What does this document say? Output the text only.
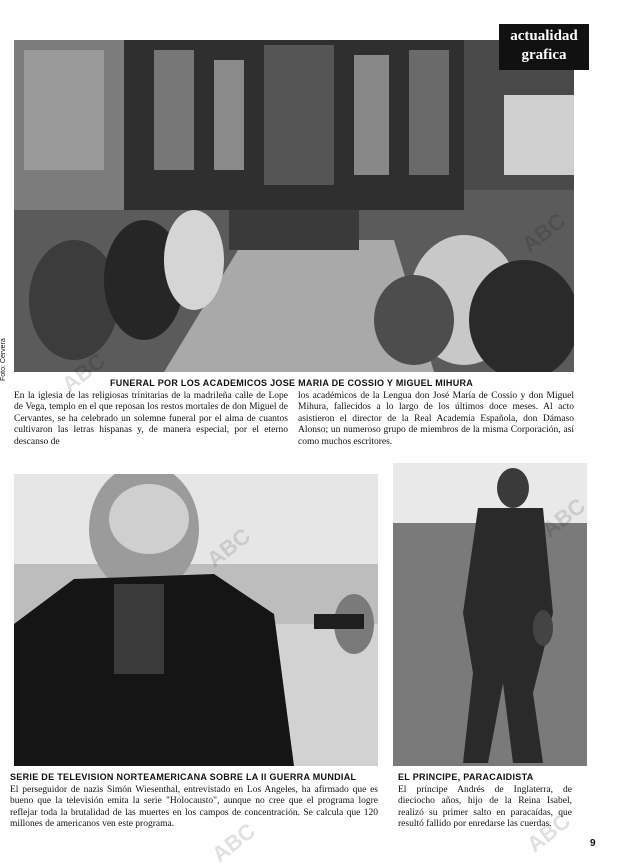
actualidad
grafica
Foto: Cervera
FUNERAL POR LOS ACADEMICOS JOSE MARIA DE COSSIO Y MIGUEL MIHURA
En la iglesia de las religiosas trinitarias de la madrileña calle de Lope de Vega, templo en el que reposan los restos mortales de don Miguel de Cervantes, se ha celebrado un solemne funeral por el alma de cuantos cultivaron las letras hispanas y, de manera especial, por el eterno descanso de
los académicos de la Lengua don José María de Cossío y don Miguel Mihura, fallecidos a lo largo de los últimos doce meses. Al acto asistieron el director de la Real Academia Española, don Dámaso Alonso; un numeroso grupo de miembros de la misma Corporación, así como muchos escritores.
SERIE DE TELEVISION NORTEAMERICANA SOBRE LA II GUERRA MUNDIAL
El perseguidor de nazis Simón Wiesenthal, entrevistado en Los Angeles, ha afirmado que es bueno que la televisión emita la serie "Holocausto", aunque no cree que el programa logre reflejar toda la brutalidad de las muertes en los campos de concentración. Se calcula que 120 millones de americanos ven este programa.
EL PRINCIPE, PARACAIDISTA
El príncipe Andrés de Inglaterra, de dieciocho años, hijo de la Reina Isabel, realizó su primer salto en paracaídas, que resultó fallido por enredarse las cuerdas.
9
ABC
ABC	ABC
